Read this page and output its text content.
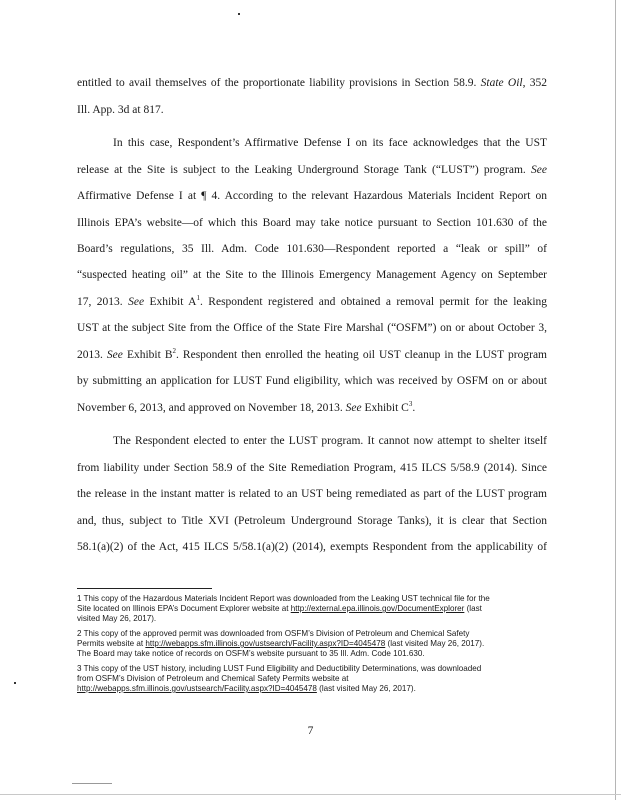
entitled to avail themselves of the proportionate liability provisions in Section 58.9. State Oil, 352
Ill. App. 3d at 817.
In this case, Respondent’s Affirmative Defense I on its face acknowledges that the UST
release at the Site is subject to the Leaking Underground Storage Tank (“LUST”) program. See
Affirmative Defense I at ¶ 4. According to the relevant Hazardous Materials Incident Report on
Illinois EPA’s website—of which this Board may take notice pursuant to Section 101.630 of the
Board’s regulations, 35 Ill. Adm. Code 101.630—Respondent reported a “leak or spill” of
“suspected heating oil” at the Site to the Illinois Emergency Management Agency on September
17, 2013. See Exhibit $A^1$. Respondent registered and obtained a removal permit for the leaking
UST at the subject Site from the Office of the State Fire Marshal (“OSFM”) on or about October 3,
2013. See Exhibit $B^2$. Respondent then enrolled the heating oil UST cleanup in the LUST program
by submitting an application for LUST Fund eligibility, which was received by OSFM on or about
November 6, 2013, and approved on November 18, 2013. See Exhibit $C^3$.
The Respondent elected to enter the LUST program. It cannot now attempt to shelter itself
from liability under Section 58.9 of the Site Remediation Program, 415 ILCS 5/58.9 (2014). Since
the release in the instant matter is related to an UST being remediated as part of the LUST program
and, thus, subject to Title XVI (Petroleum Underground Storage Tanks), it is clear that Section
58.1(a)(2) of the Act, 415 ILCS 5/58.1(a)(2) (2014), exempts Respondent from the applicability of
1 This copy of the Hazardous Materials Incident Report was downloaded from the Leaking UST technical file for the
Site located on Illinois EPA’s Document Explorer website at http://external.epa.illinois.gov/DocumentExplorer (last
visited May 26, 2017).
2 This copy of the approved permit was downloaded from OSFM’s Division of Petroleum and Chemical Safety
Permits website at http://webapps.sfm.illinois.gov/ustsearch/Facility.aspx?ID=4045478 (last visited May 26, 2017).
The Board may take notice of records on OSFM’s website pursuant to 35 Ill. Adm. Code 101.630.
3 This copy of the UST history, including LUST Fund Eligibility and Deductibility Determinations, was downloaded
from OSFM’s Division of Petroleum and Chemical Safety Permits website at
http://webapps.sfm.illinois.gov/ustsearch/Facility.aspx?ID=4045478 (last visited May 26, 2017).
7
